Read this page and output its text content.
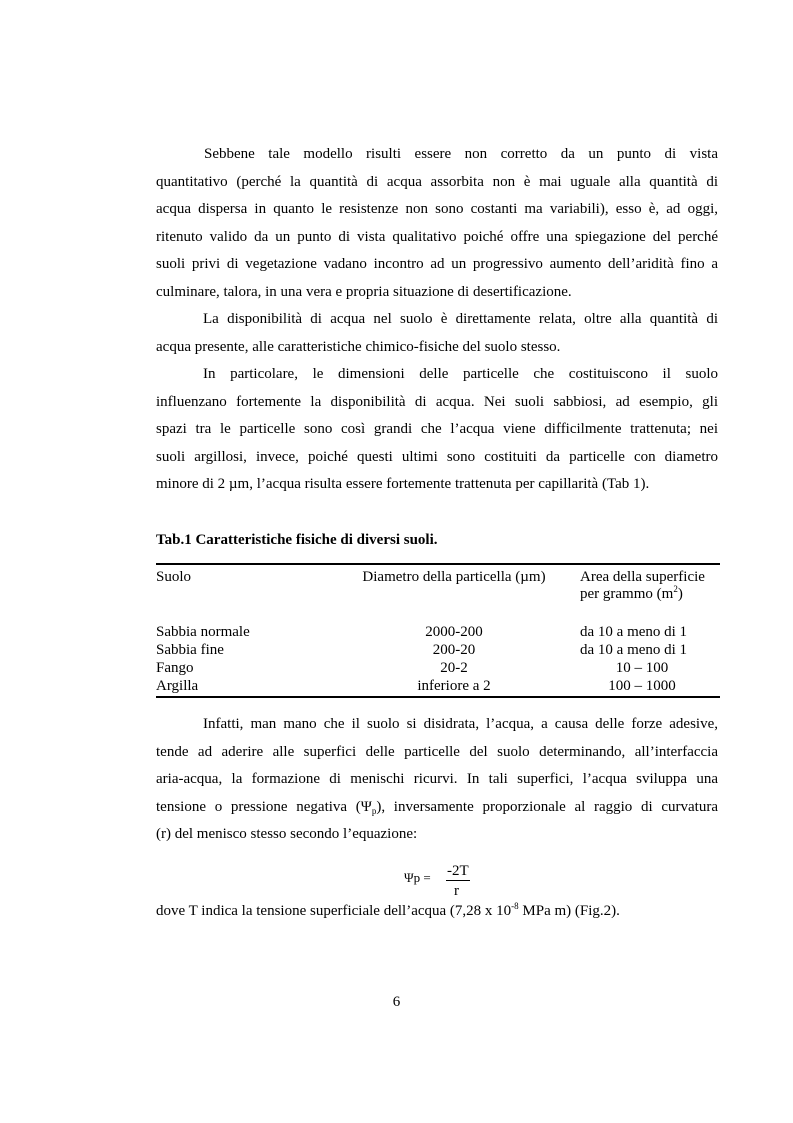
Sebbene tale modello risulti essere non corretto da un punto di vista
quantitativo (perché la quantità di acqua assorbita non è mai uguale alla quantità di
acqua dispersa in quanto le resistenze non sono costanti ma variabili), esso è, ad oggi,
ritenuto valido da un punto di vista qualitativo poiché offre una spiegazione del perché
suoli privi di vegetazione vadano incontro ad un progressivo aumento dell’aridità fino a
culminare, talora, in una vera e propria situazione di desertificazione.

La disponibilità di acqua nel suolo è direttamente relata, oltre alla quantità di
acqua presente, alle caratteristiche chimico-fisiche del suolo stesso.

In particolare, le dimensioni delle particelle che costituiscono il suolo
influenzano fortemente la disponibilità di acqua. Nei suoli sabbiosi, ad esempio, gli
spazi tra le particelle sono così grandi che l’acqua viene difficilmente trattenuta; nei
suoli argillosi, invece, poiché questi ultimi sono costituiti da particelle con diametro
minore di 2 µm, l’acqua risulta essere fortemente trattenuta per capillarità (Tab 1).

Tab.1 Caratteristiche fisiche di diversi suoli.
Suolo	Diametro della particella (µm)	Area della superficie
per grammo $(m^2)$
Sabbia normale	2000-200	da 10 a meno di 1
Sabbia fine	200-20	da 10 a meno di 1
Fango	20-2	10 – 100
Argilla	inferiore a 2	100 – 1000

Infatti, man mano che il suolo si disidrata, l’acqua, a causa delle forze adesive,
tende ad aderire alle superfici delle particelle del suolo determinando, all’interfaccia
aria-acqua, la formazione di menischi ricurvi. In tali superfici, l’acqua sviluppa una
tensione o pressione negativa $(\Psi_p)$, inversamente proporzionale al raggio di curvatura
(r) del menisco stesso secondo l’equazione:

Ψp = -2T
r
dove T indica la tensione superficiale dell’acqua (7,28 x $10^{-8}$ MPa m) (Fig.2).
6
